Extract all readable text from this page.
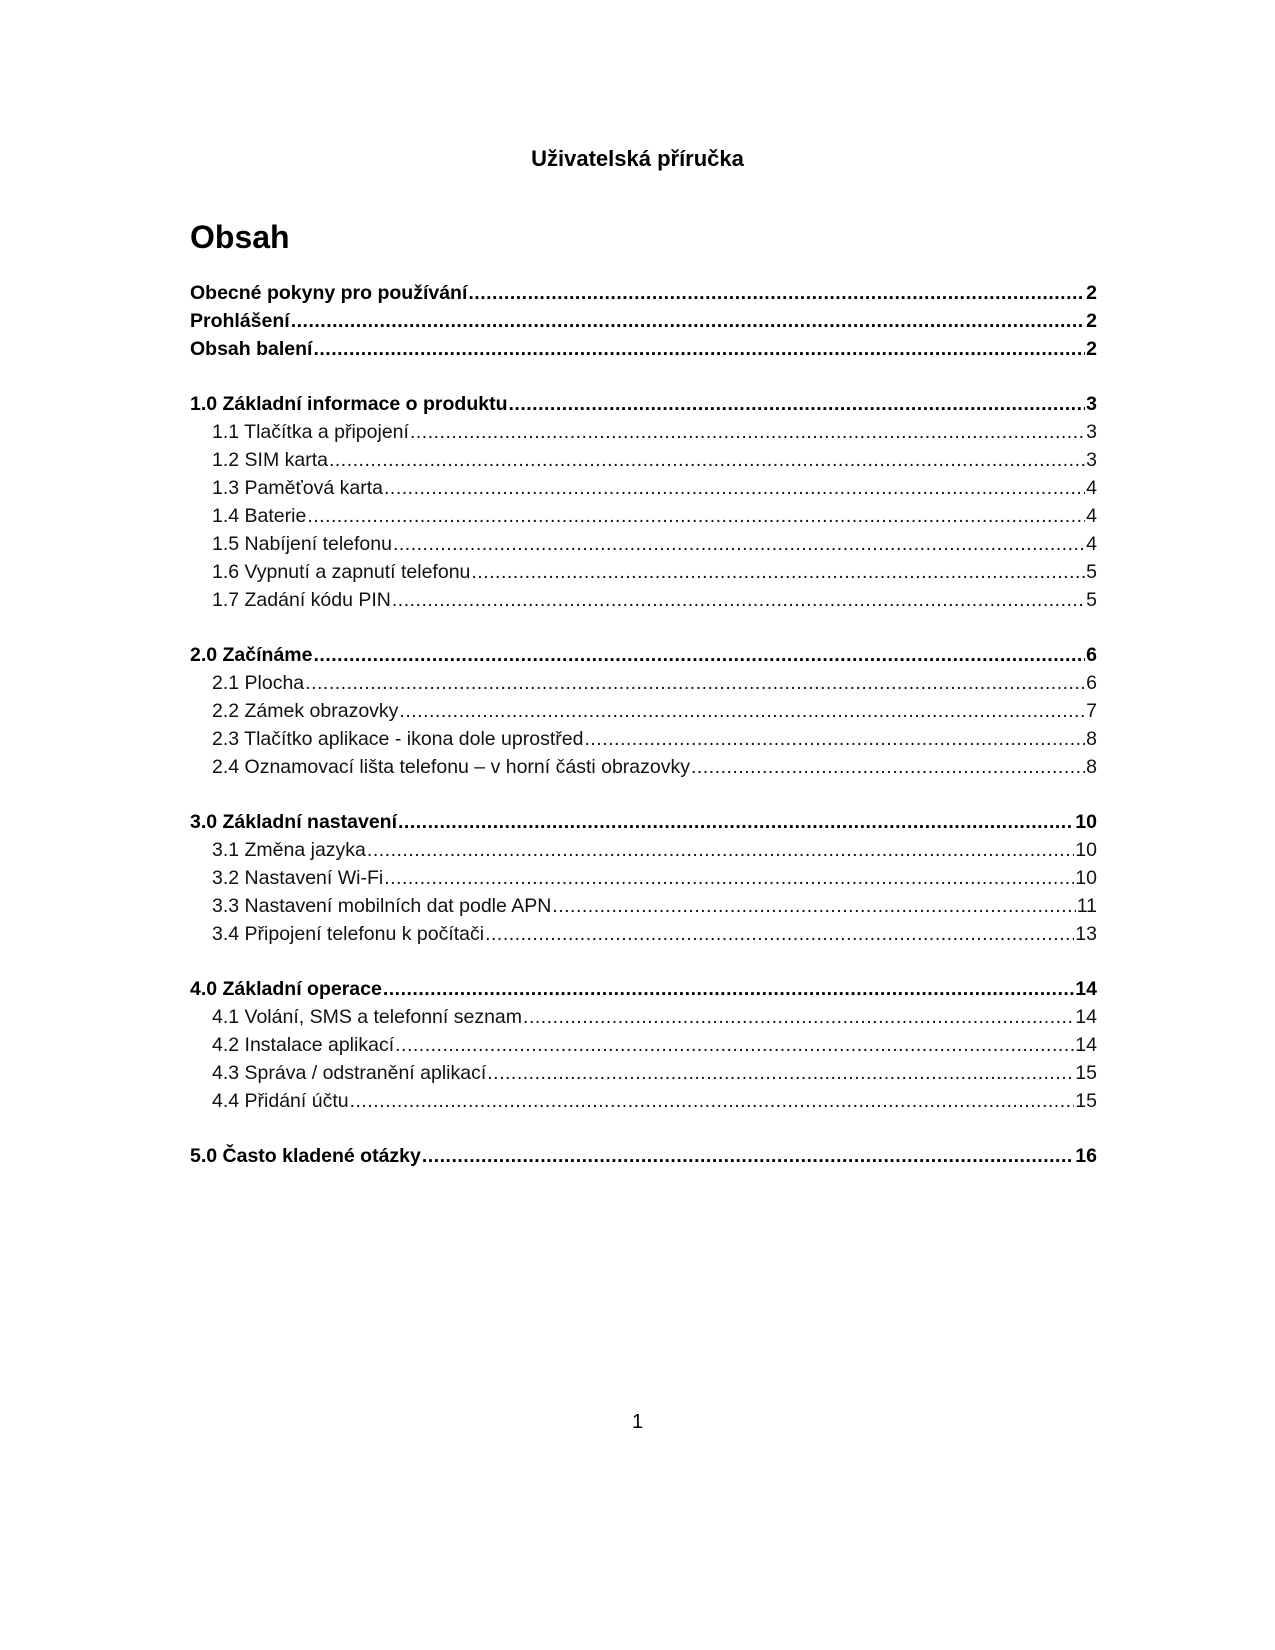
Uživatelská příručka
Obsah
Obecné pokyny pro používání .....	2
Prohlášení .....	2
Obsah balení .....	2
1.0 Základní informace o produktu .....	3
1.1 Tlačítka a připojení .....	3
1.2 SIM karta .....	3
1.3 Paměťová karta .....	4
1.4 Baterie .....	4
1.5 Nabíjení telefonu .....	4
1.6 Vypnutí a zapnutí telefonu .....	5
1.7 Zadání kódu PIN .....	5
2.0 Začínáme .....	6
2.1 Plocha .....	6
2.2 Zámek obrazovky .....	7
2.3 Tlačítko aplikace - ikona dole uprostřed .....	8
2.4 Oznamovací lišta telefonu – v horní části obrazovky .....	8
3.0 Základní nastavení .....	10
3.1 Změna jazyka .....	10
3.2 Nastavení Wi-Fi .....	10
3.3 Nastavení mobilních dat podle APN .....	11
3.4 Připojení telefonu k počítači .....	13
4.0 Základní operace .....	14
4.1 Volání, SMS a telefonní seznam .....	14
4.2 Instalace aplikací .....	14
4.3 Správa / odstranění aplikací .....	15
4.4 Přidání účtu .....	15
5.0 Často kladené otázky .....	16
1
